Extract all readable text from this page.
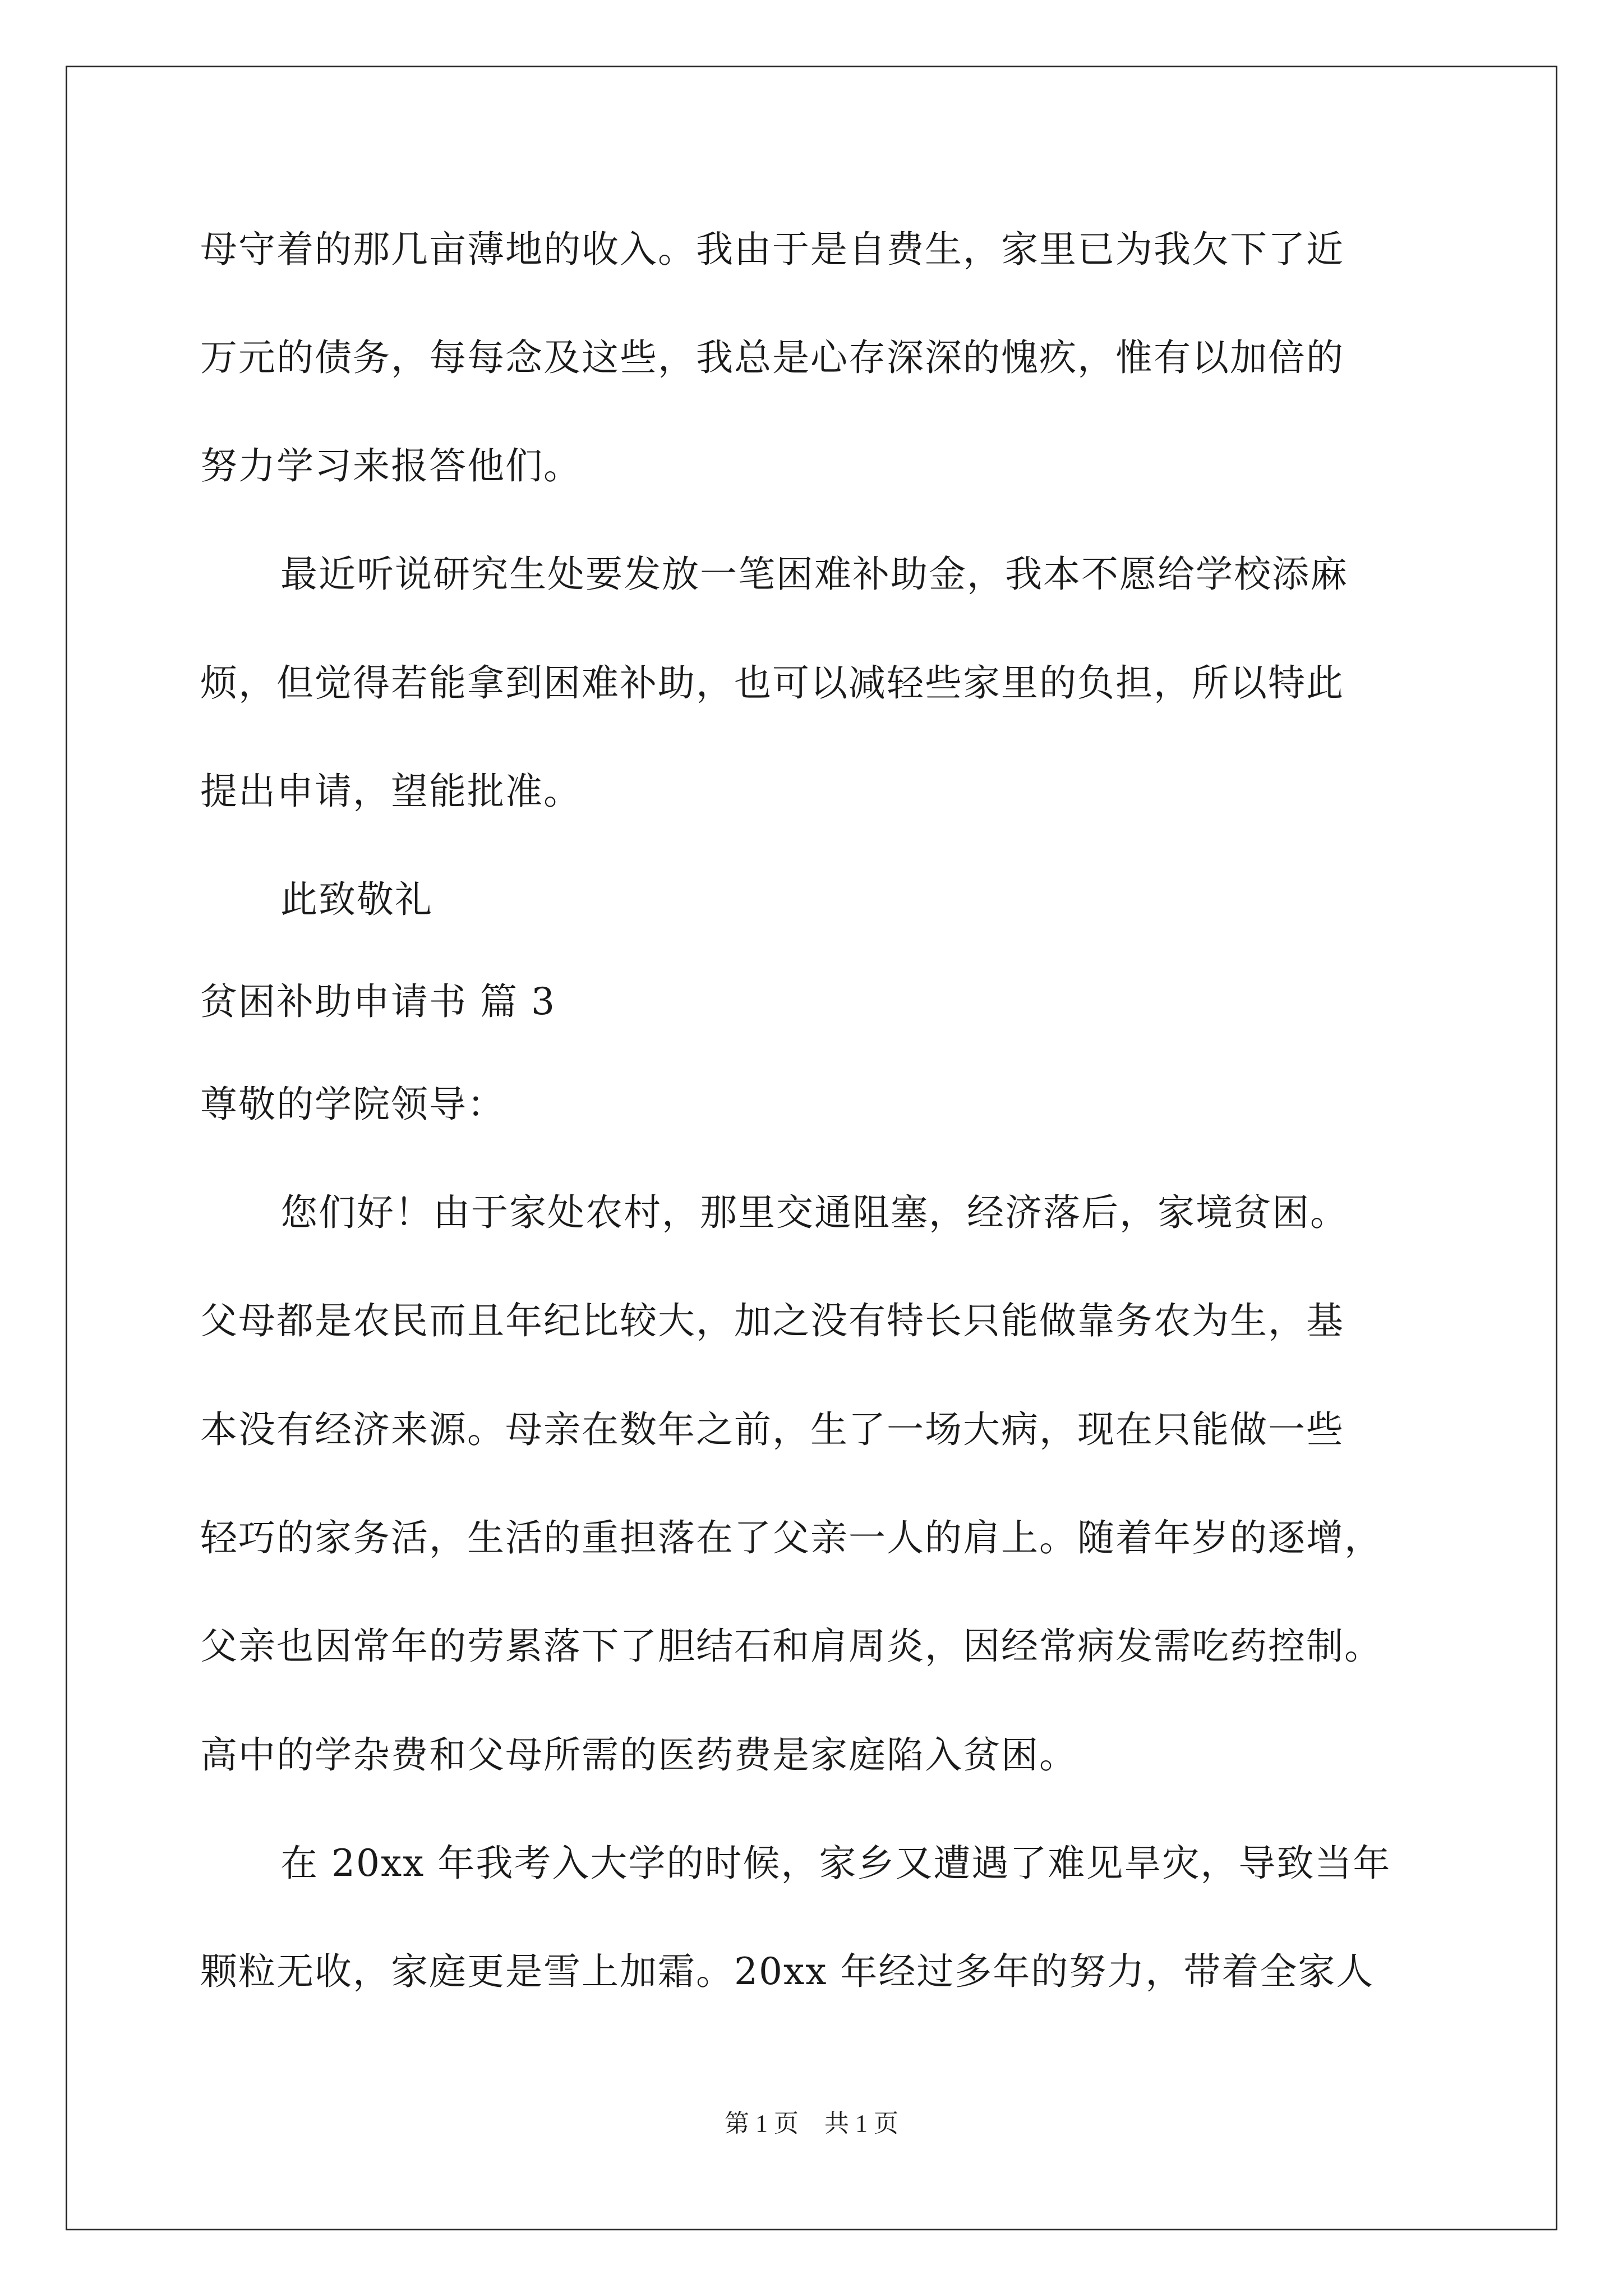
母守着的那几亩薄地的收入。我由于是自费生，家里已为我欠下了近
万元的债务，每每念及这些，我总是心存深深的愧疚，惟有以加倍的
努力学习来报答他们。
最近听说研究生处要发放一笔困难补助金，我本不愿给学校添麻
烦，但觉得若能拿到困难补助，也可以减轻些家里的负担，所以特此
提出申请，望能批准。
此致敬礼
贫困补助申请书 篇 3
尊敬的学院领导：
您们好！由于家处农村，那里交通阻塞，经济落后，家境贫困。
父母都是农民而且年纪比较大，加之没有特长只能做靠务农为生，基
本没有经济来源。母亲在数年之前，生了一场大病，现在只能做一些
轻巧的家务活，生活的重担落在了父亲一人的肩上。随着年岁的逐增，
父亲也因常年的劳累落下了胆结石和肩周炎，因经常病发需吃药控制。
高中的学杂费和父母所需的医药费是家庭陷入贫困。
在 20xx 年我考入大学的时候，家乡又遭遇了难见旱灾，导致当年
颗粒无收，家庭更是雪上加霜。20xx 年经过多年的努力，带着全家人
第 1 页 共 1 页
